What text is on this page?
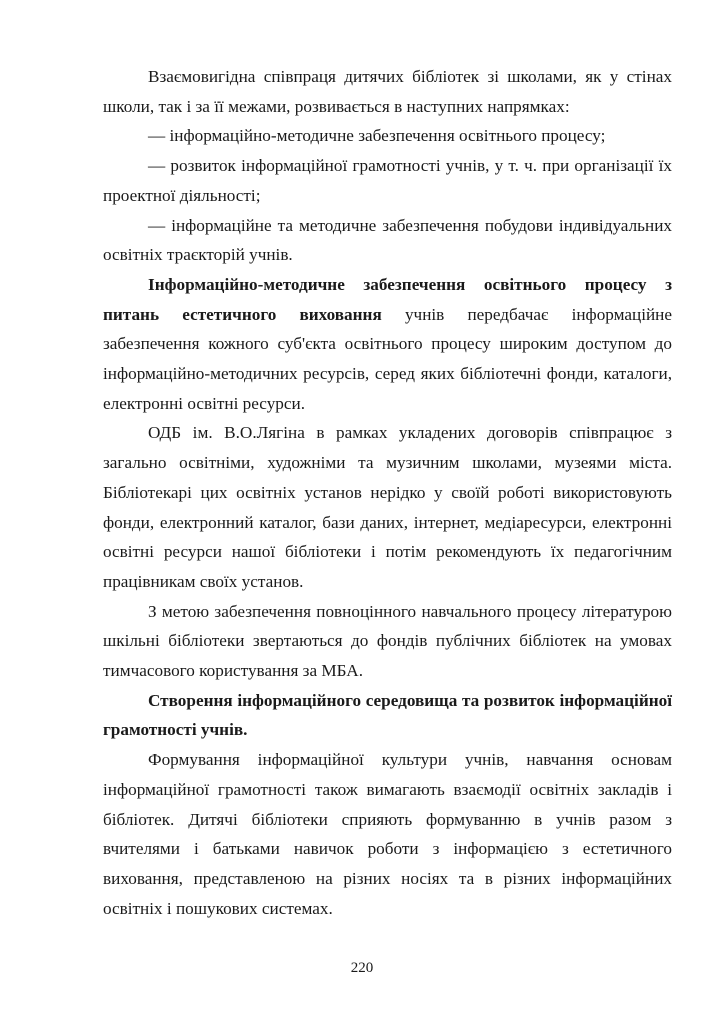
Взаємовигідна співпраця дитячих бібліотек зі школами, як у стінах школи, так і за її межами, розвивається в наступних напрямках:

— інформаційно-методичне забезпечення освітнього процесу;

— розвиток інформаційної грамотності учнів, у т. ч. при організації їх проектної діяльності;

— інформаційне та методичне забезпечення побудови індивідуальних освітніх траєкторій учнів.

Інформаційно-методичне забезпечення освітнього процесу з питань естетичного виховання учнів передбачає інформаційне забезпечення кожного суб'єкта освітнього процесу широким доступом до інформаційно-методичних ресурсів, серед яких бібліотечні фонди, каталоги, електронні освітні ресурси.

ОДБ ім. В.О.Лягіна в рамках укладених договорів співпрацює з загально освітніми, художніми та музичним школами, музеями міста. Бібліотекарі цих освітніх установ нерідко у своїй роботі використовують фонди, електронний каталог, бази даних, інтернет, медіаресурси, електронні освітні ресурси нашої бібліотеки і потім рекомендують їх педагогічним працівникам своїх установ.

З метою забезпечення повноцінного навчального процесу літературою шкільні бібліотеки звертаються до фондів публічних бібліотек на умовах тимчасового користування за МБА.

Створення інформаційного середовища та розвиток інформаційної грамотності учнів.

Формування інформаційної культури учнів, навчання основам інформаційної грамотності також вимагають взаємодії освітніх закладів і бібліотек. Дитячі бібліотеки сприяють формуванню в учнів разом з вчителями і батьками навичок роботи з інформацією з естетичного виховання, представленою на різних носіях та в різних інформаційних освітніх і пошукових системах.

220
